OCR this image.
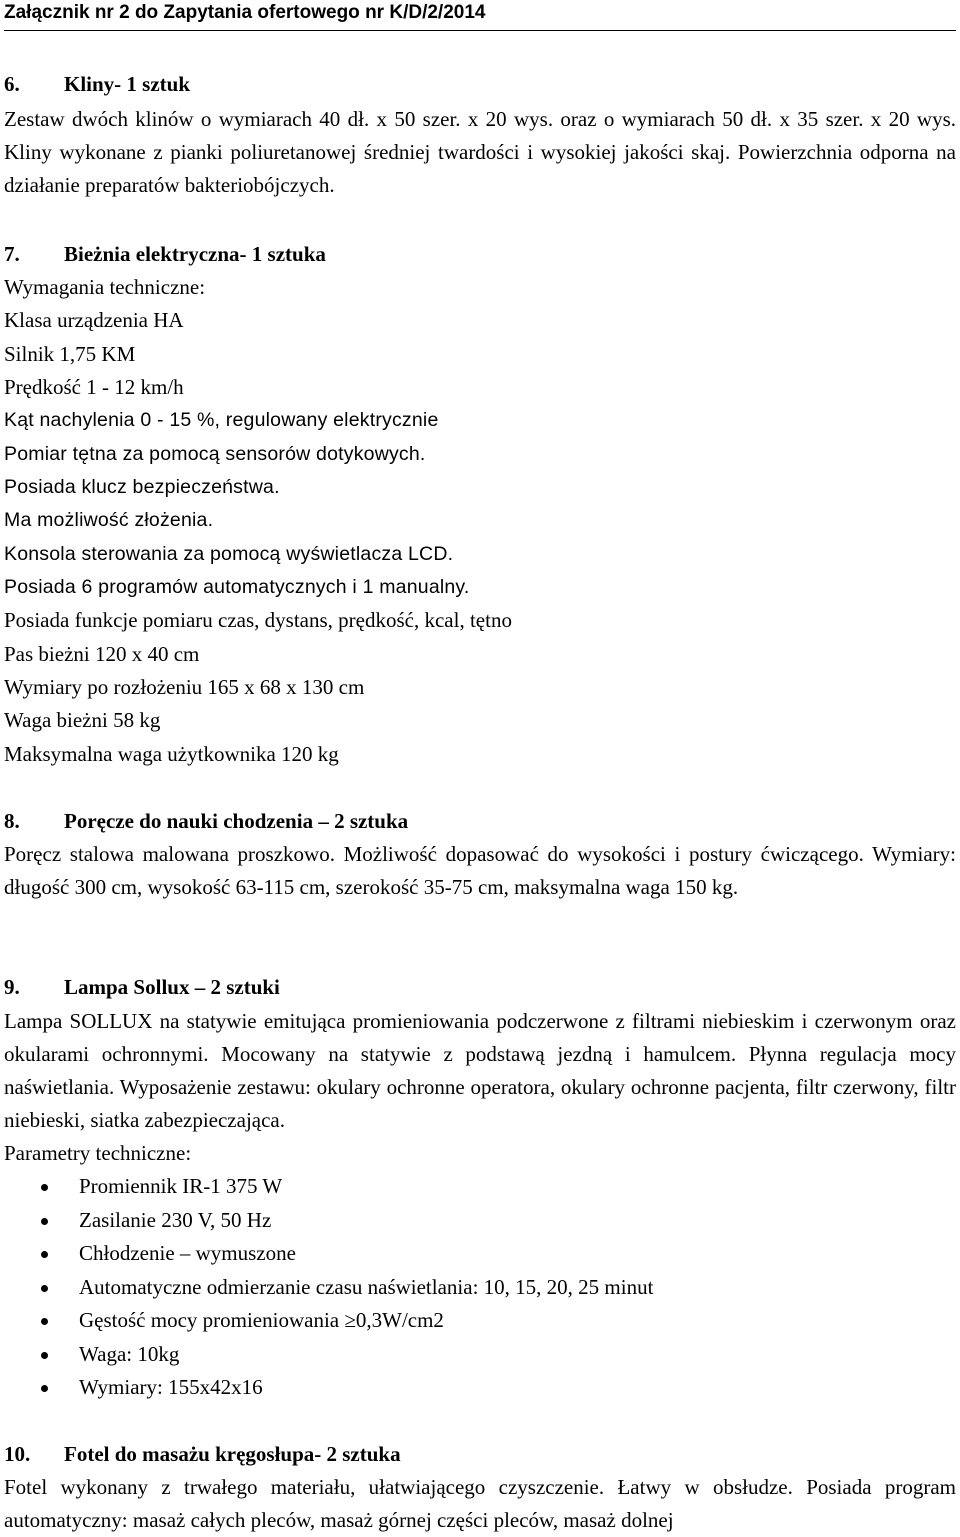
Załącznik nr 2 do Zapytania ofertowego nr K/D/2/2014
6. Kliny- 1 sztuk
Zestaw dwóch klinów o wymiarach 40 dł. x 50 szer. x 20 wys. oraz o wymiarach 50 dł. x 35 szer. x 20 wys. Kliny wykonane z pianki poliuretanowej średniej twardości i wysokiej jakości skaj. Powierzchnia odporna na działanie preparatów bakteriobójczych.
7. Bieżnia elektryczna- 1 sztuka
Wymagania techniczne:
Klasa urządzenia HA
Silnik 1,75 KM
Prędkość 1 - 12 km/h
Kąt nachylenia 0 - 15 %, regulowany elektrycznie
Pomiar tętna za pomocą sensorów dotykowych.
Posiada klucz bezpieczeństwa.
Ma możliwość złożenia.
Konsola sterowania za pomocą wyświetlacza LCD.
Posiada 6 programów automatycznych i 1 manualny.
Posiada funkcje pomiaru czas, dystans, prędkość, kcal, tętno
Pas bieżni 120 x 40 cm
Wymiary po rozłożeniu 165 x 68 x 130 cm
Waga bieżni 58 kg
Maksymalna waga użytkownika 120 kg
8. Poręcze do nauki chodzenia – 2 sztuka
Poręcz stalowa malowana proszkowo. Możliwość dopasować do wysokości i postury ćwiczącego. Wymiary: długość 300 cm, wysokość 63-115 cm, szerokość 35-75 cm, maksymalna waga 150 kg.
9. Lampa Sollux – 2 sztuki
Lampa SOLLUX na statywie emitująca promieniowania podczerwone z filtrami niebieskim i czerwonym oraz okularami ochronnymi. Mocowany na statywie z podstawą jezdną i hamulcem. Płynna regulacja mocy naświetlania. Wyposażenie zestawu: okulary ochronne operatora, okulary ochronne pacjenta, filtr czerwony, filtr niebieski, siatka zabezpieczająca.
Parametry techniczne:
Promiennik IR-1 375 W
Zasilanie 230 V, 50 Hz
Chłodzenie – wymuszone
Automatyczne odmierzanie czasu naświetlania: 10, 15, 20, 25 minut
Gęstość mocy promieniowania ≥0,3W/cm2
Waga: 10kg
Wymiary: 155x42x16
10. Fotel do masażu kręgosłupa- 2 sztuka
Fotel wykonany z trwałego materiału, ułatwiającego czyszczenie. Łatwy w obsłudze. Posiada program automatyczny: masaż całych pleców, masaż górnej części pleców, masaż dolnej
